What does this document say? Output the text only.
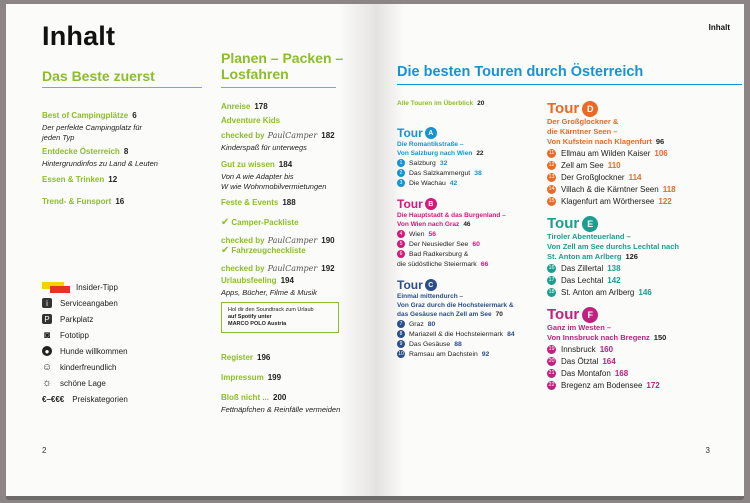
Inhalt
Das Beste zuerst
Best of Campingplätze 6
Der perfekte Campingplatz für
jeden Typ
Entdecke Österreich 8
Hintergrundinfos zu Land & Leuten
Essen & Trinken 12
Trend- & Funsport 16
Insider-Tipp
i	Serviceangaben
P Parkplatz
◙ Fototipp
●	Hunde willkommen
☺ kinderfreundlich
☼ schöne Lage
€–€€€ Preiskategorien
Planen – Packen –
Losfahren
Anreise 178
Adventure Kids
checked by PaulCamper 182
Kinderspaß für unterwegs
Gut zu wissen 184
Von A wie Adapter bis
W wie Wohnmobilvermietungen
Feste & Events 188
✔ Camper-Packliste
checked by PaulCamper 190
✔ Fahrzeugcheckliste
checked by PaulCamper 192
Urlaubsfeeling 194
Apps, Bücher, Filme & Musik
Hol dir den Soundtrack zum Urlaub
auf Spotify unter
MARCO POLO Austria
Register 196
Impressum 199
Bloß nicht ... 200
Fettnäpfchen & Reinfälle vermeiden
2
Inhalt
Die besten Touren durch Österreich
Alle Touren im Überblick 20
Tour A
Die Romantikstraße –
Von Salzburg nach Wien 22
1 Salzburg 32
2 Das Salzkammergut 38
3 Die Wachau 42
Tour B
Die Hauptstadt & das Burgenland –
Von Wien nach Graz 46
4 Wien 56
5 Der Neusiedler See 60
6 Bad Radkersburg &
die südöstliche Steiermark 66
Tour C
Einmal mittendurch –
Von Graz durch die Hochsteiermark &
das Gesäuse nach Zell am See 70
7 Graz 80
8 Mariazell & die Hochsteiermark 84
9 Das Gesäuse 88
10 Ramsau am Dachstein 92
Tour D
Der Großglockner &
die Kärntner Seen –
Von Kufstein nach Klagenfurt 96
11 Ellmau am Wilden Kaiser 106
12 Zell am See 110
13 Der Großglockner 114
14 Villach & die Kärntner Seen 118
15 Klagenfurt am Wörthersee 122
Tour E
Tiroler Abenteuerland –
Von Zell am See durchs Lechtal nach
St. Anton am Arlberg 126
16 Das Zillertal 138
17 Das Lechtal 142
18 St. Anton am Arlberg 146
Tour F
Ganz im Westen –
Von Innsbruck nach Bregenz 150
19 Innsbruck 160
20 Das Ötztal 164
21 Das Montafon 168
22 Bregenz am Bodensee 172
3
